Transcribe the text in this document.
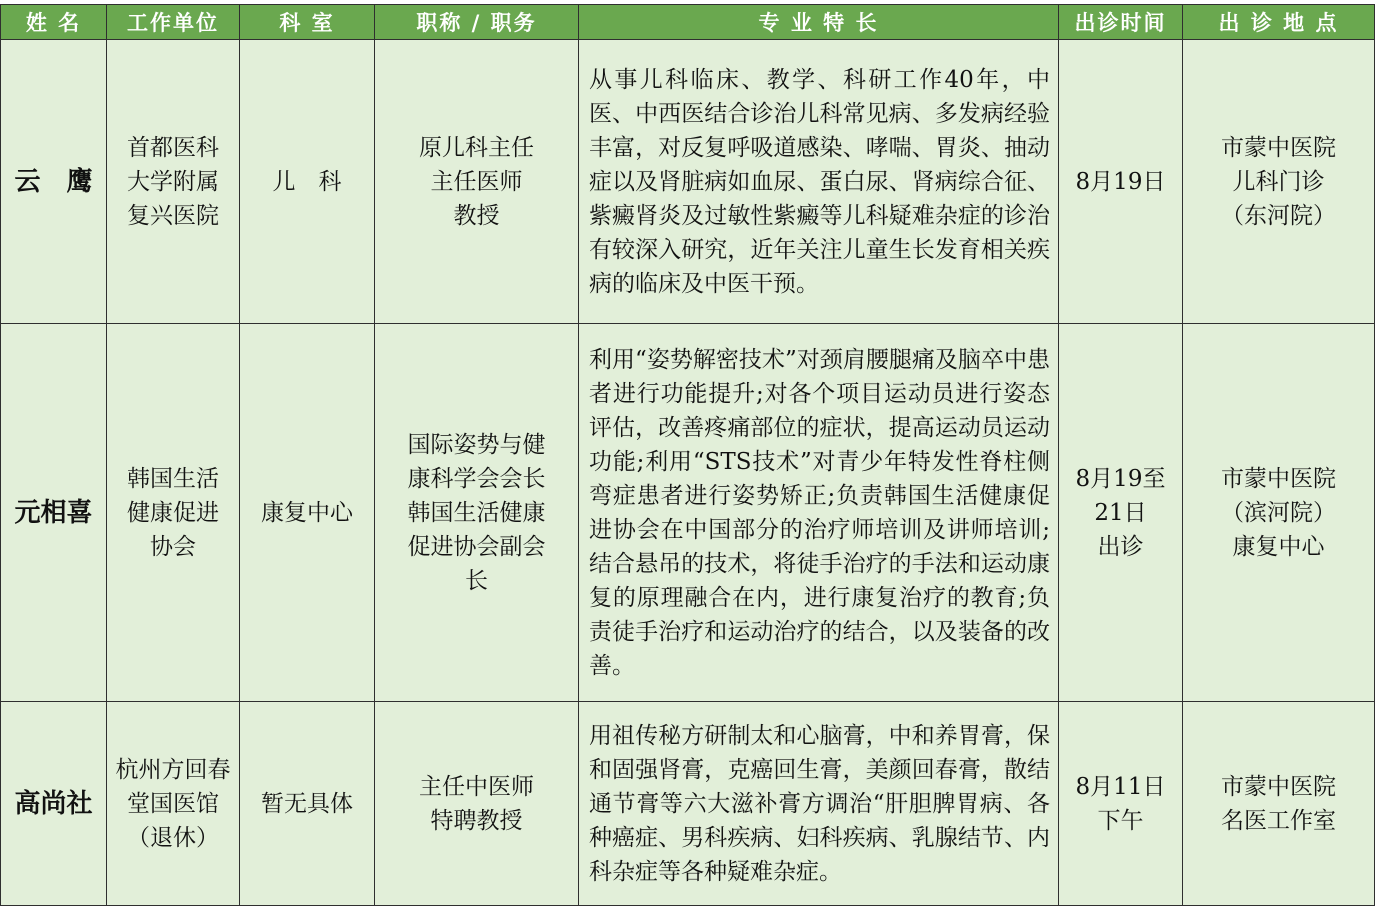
姓 名	工作单位	科 室	职称 / 职务	专 业 特 长	出诊时间	出 诊 地 点
云　鹰	首都医科
大学附属
复兴医院	儿　科	原儿科主任
主任医师
教授	从事儿科临床、教学、科研工作40年，中医、中西医结合诊治儿科常见病、多发病经验丰富，对反复呼吸道感染、哮喘、胃炎、抽动症以及肾脏病如血尿、蛋白尿、肾病综合征、紫癜肾炎及过敏性紫癜等儿科疑难杂症的诊治有较深入研究，近年关注儿童生长发育相关疾病的临床及中医干预。	8月19日	市蒙中医院
儿科门诊
（东河院）
元相喜	韩国生活
健康促进
协会	康复中心	国际姿势与健
康科学会会长
韩国生活健康
促进协会副会
长	利用“姿势解密技术”对颈肩腰腿痛及脑卒中患者进行功能提升;对各个项目运动员进行姿态评估，改善疼痛部位的症状，提高运动员运动功能;利用“STS技术”对青少年特发性脊柱侧弯症患者进行姿势矫正;负责韩国生活健康促进协会在中国部分的治疗师培训及讲师培训;结合悬吊的技术，将徒手治疗的手法和运动康复的原理融合在内，进行康复治疗的教育;负责徒手治疗和运动治疗的结合，以及装备的改善。	8月19至
21日
出诊	市蒙中医院
（滨河院）
康复中心
高尚社	杭州方回春
堂国医馆
（退休）	暂无具体	主任中医师
特聘教授	用祖传秘方研制太和心脑膏，中和养胃膏，保和固强肾膏，克癌回生膏，美颜回春膏，散结通节膏等六大滋补膏方调治“肝胆脾胃病、各种癌症、男科疾病、妇科疾病、乳腺结节、内科杂症等各种疑难杂症。	8月11日
下午	市蒙中医院
名医工作室
